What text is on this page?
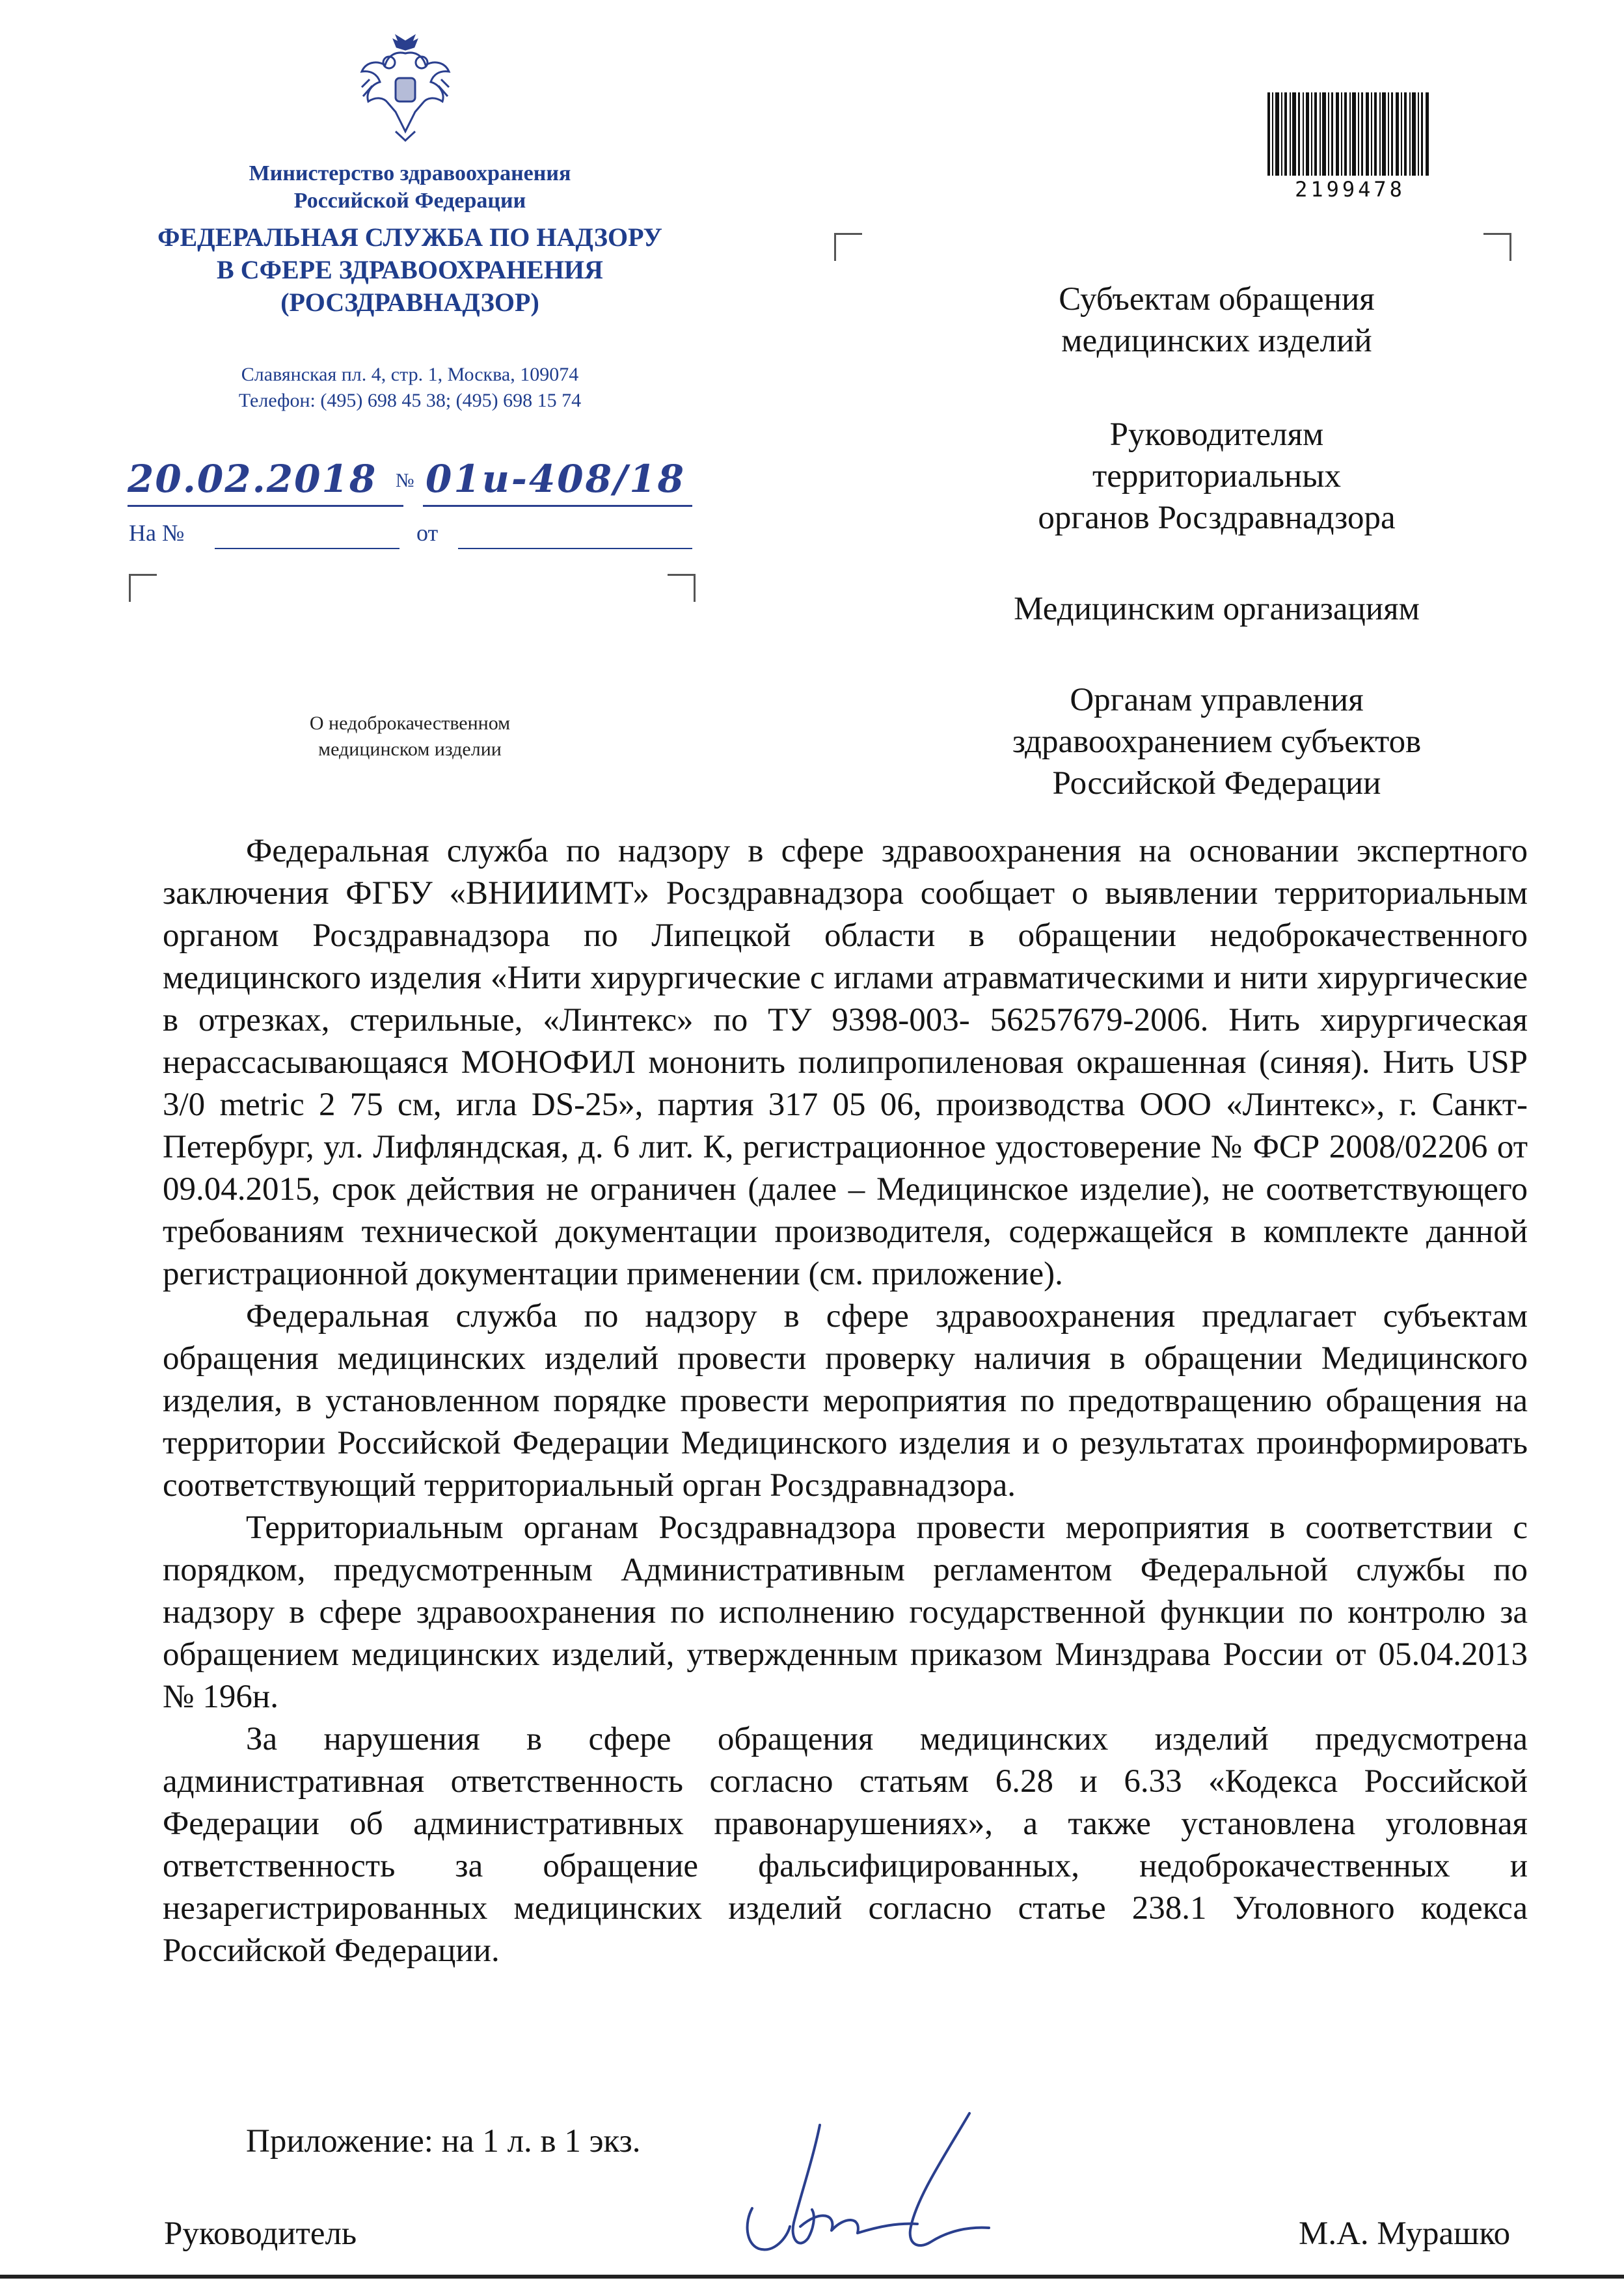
Министерство здравоохранения
Российской Федерации
ФЕДЕРАЛЬНАЯ СЛУЖБА ПО НАДЗОРУ
В СФЕРЕ ЗДРАВООХРАНЕНИЯ
(РОСЗДРАВНАДЗОР)
Славянская пл. 4, стр. 1, Москва, 109074
Телефон: (495) 698 45 38; (495) 698 15 74
20.02.2018 № 01и-408/18
На №	от
О недоброкачественном
медицинском изделии
2199478
Субъектам обращения
медицинских изделий
Руководителям
территориальных
органов Росздравнадзора
Медицинским организациям
Органам управления
здравоохранением субъектов
Российской Федерации

Федеральная служба по надзору в сфере здравоохранения на основании экспертного заключения ФГБУ «ВНИИИМТ» Росздравнадзора сообщает о выявлении территориальным органом Росздравнадзора по Липецкой области в обращении недоброкачественного медицинского изделия «Нити хирургические с иглами атравматическими и нити хирургические в отрезках, стерильные, «Линтекс» по ТУ 9398-003- 56257679-2006. Нить хирургическая нерассасывающаяся МОНОФИЛ мононить полипропиленовая окрашенная (синяя). Нить USP 3/0 metric 2 75 см, игла DS-25», партия 317 05 06, производства ООО «Линтекс», г. Санкт- Петербург, ул. Лифляндская, д. 6 лит. К, регистрационное удостоверение № ФСР 2008/02206 от 09.04.2015, срок действия не ограничен (далее – Медицинское изделие), не соответствующего требованиям технической документации производителя, содержащейся в комплекте данной регистрационной документации применении (см. приложение).

Федеральная служба по надзору в сфере здравоохранения предлагает субъектам обращения медицинских изделий провести проверку наличия в обращении Медицинского изделия, в установленном порядке провести мероприятия по предотвращению обращения на территории Российской Федерации Медицинского изделия и о результатах проинформировать соответствующий территориальный орган Росздравнадзора.

Территориальным органам Росздравнадзора провести мероприятия в соответствии с порядком, предусмотренным Административным регламентом Федеральной службы по надзору в сфере здравоохранения по исполнению государственной функции по контролю за обращением медицинских изделий, утвержденным приказом Минздрава России от 05.04.2013 № 196н.

За нарушения в сфере обращения медицинских изделий предусмотрена административная ответственность согласно статьям 6.28 и 6.33 «Кодекса Российской Федерации об административных правонарушениях», а также установлена уголовная ответственность за обращение фальсифицированных, недоброкачественных и незарегистрированных медицинских изделий согласно статье 238.1 Уголовного кодекса Российской Федерации.

Приложение: на 1 л. в 1 экз.
Руководитель	М.А. Мурашко
